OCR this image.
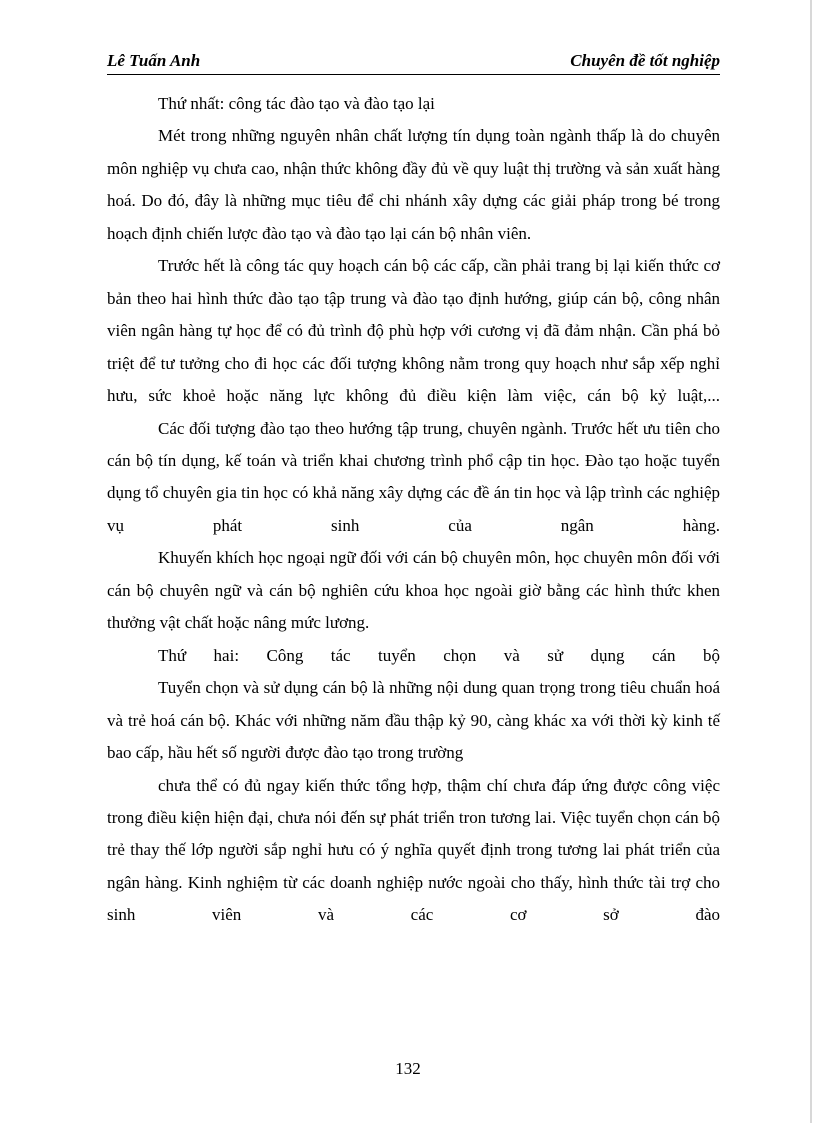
Lê Tuấn Anh	Chuyên đề tốt nghiệp

Thứ nhất: công tác đào tạo và đào tạo lại

Mét trong những nguyên nhân chất lượng tín dụng toàn ngành thấp là do chuyên môn nghiệp vụ chưa cao, nhận thức không đầy đủ về quy luật thị trường và sản xuất hàng hoá. Do đó, đây là những mục tiêu để chi nhánh xây dựng các giải pháp trong bé trong hoạch định chiến lược đào tạo và đào tạo lại cán bộ nhân viên.

Trước hết là công tác quy hoạch cán bộ các cấp, cần phải trang bị lại kiến thức cơ bản theo hai hình thức đào tạo tập trung và đào tạo định hướng, giúp cán bộ, công nhân viên ngân hàng tự học để có đủ trình độ phù hợp với cương vị đã đảm nhận. Cần phá bỏ triệt để tư tưởng cho đi học các đối tượng không nằm trong quy hoạch như sắp xếp nghỉ hưu, sức khoẻ hoặc năng lực không đủ điều kiện làm việc, cán bộ kỷ luật,...

Các đối tượng đào tạo theo hướng tập trung, chuyên ngành. Trước hết ưu tiên cho cán bộ tín dụng, kế toán và triển khai chương trình phổ cập tin học. Đào tạo hoặc tuyển dụng tổ chuyên gia tin học có khả năng xây dựng các đề án tin học và lập trình các nghiệp vụ phát sinh của ngân hàng.

Khuyến khích học ngoại ngữ đối với cán bộ chuyên môn, học chuyên môn đối với cán bộ chuyên ngữ và cán bộ nghiên cứu khoa học ngoài giờ bằng các hình thức khen thưởng vật chất hoặc nâng mức lương.

Thứ hai: Công tác tuyển chọn và sử dụng cán bộ

Tuyển chọn và sử dụng cán bộ là những nội dung quan trọng trong tiêu chuẩn hoá và trẻ hoá cán bộ. Khác với những năm đầu thập kỷ 90, càng khác xa với thời kỳ kinh tế bao cấp, hầu hết số người được đào tạo trong trường

chưa thể có đủ ngay kiến thức tổng hợp, thậm chí chưa đáp ứng được công việc trong điều kiện hiện đại, chưa nói đến sự phát triển tron tương lai. Việc tuyển chọn cán bộ trẻ thay thế lớp người sắp nghỉ hưu có ý nghĩa quyết định trong tương lai phát triển của ngân hàng. Kinh nghiệm từ các doanh nghiệp nước ngoài cho thấy, hình thức tài trợ cho sinh viên và các cơ sở đào

132
